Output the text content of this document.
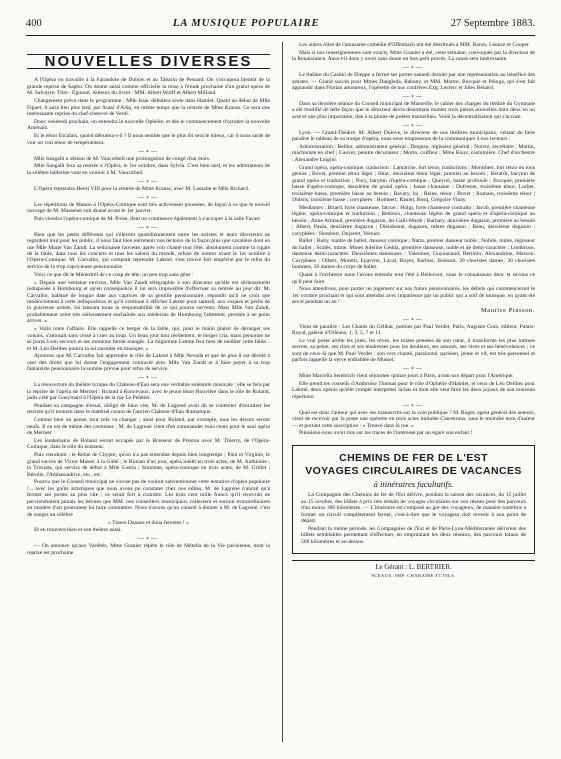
400	LA MUSIQUE POPULAIRE	27 Septembre 1883.
NOUVELLES DIVERSES

A l'Opéra on travaille à la Farandole de Dubois et au Tabarin de Pessard. On s'occupera bientôt de la grande reprise de Sapho. On donne aussi comme officielle la mise à l'étude prochaine d'un grand opéra de M. Salvayre. Titre : Egmont. Auteurs du livret : MM. Albert Wolff et Albert Millaud.

Changement prévu dans le programme : Mlle Isaac débutera seule dans Hamlet. Quant au début de Mlle Figuet, il aura lieu plus tard, par Aussi d'Aïda, en même temps que la rentrée de Mme Krauss. Ce sera une intéressante reprise du chef-d'œuvre de Verdi.

Donc vendredi prochain, on entendra la nouvelle Ophélie, et dès le commencement d'octobre la nouvelle Aménaïs.

Et le ténor Escalaïs, quand débutera-t-il ? Il nous semble que le plus tôt sera le mieux, car il nous tarde de voir un vrai ténor de tempérament.

—∘—

Mlle Sangalli a obtenu de M. Vaucorbeil une prolongation de congé d'un mois.

Mlle Sangalli fera sa rentrée à l'Opéra, le 1er octobre, dans Sylvia. C'est bien tard, et les admirateurs de la célèbre ballerine vont en vouloir à M. Vaucorbeil.

—∘—

L'Opéra reprendra Henri VIII pour la rentrée de Mme Krauss, avec M. Lassalle et Mlle Richard.

—∘—

Les répétitions de Manon à l'Opéra-Comique sont très activement poussées, de façon à ce que le nouvel ouvrage de M. Massenet soit donné avant le 1er janvier.

Puis viendra l'opéra-comique de M. Poise, dont on commence également à s'occuper à la salle Favart.

—∘—

Bien que les petits différents qui s'élèvent quotidiennement entre les artistes et leurs directeurs ne regardent tout pour les public, il nous faut bien entretenir nos lecteurs de la façon plus que cavalière dont en use Mlle Marie Van Zandt. La séduisante fauvette, après voir chanté tout l'été, absolument comme la cigale de la fable, dans tous les concerts et tous les salons du monde, refuse de rentrer avant le 1er octobre à l'Opéra-Comique. M. Carvalho, qui comptait reprendre Lakmé, s'est trouvé fort empêché par le refus du service de la trop capricieuse pensionnaire.

Voici ce que dit le Ménestrel de ce coup de tête, un peu trop sans gêne :

« Depuis une semaine environ, Mlle Van Zandt télégraphie à son directeur qu'elle est sérieusement indisposée à Hombourg et qu'en conséquence il lui sera impossible d'effectuer sa rentrée au jour dit. M. Carvalho, habitué de longue date aux caprices de sa gentille pensionnaire, répondit qu'il ne croit que médiocrement à cette indisposition et qu'il continue à afficher Lakmé pour samedi, aux risques et périls de la gracieuse artiste, lui laissant toute la responsabilité de ce qui pourra survenir. Mais Mlle Van Zandt, probablement ceint très sérieusement enchaînée aux médecins de Hombourg l'attestent, persiste à ne point arriver. »

« Voilà toute l'affaire. Elle rappelle ce berger de la fable, qui, pour le malin plaisir de déranger ses voisins, s'amusait sans cesse à crier au loup. Un beau jour tout réellement, le berger cria, mais personne ne se porta à son secours et ses moutons furent mangés. La mignonne Lakmé fera bien de méditer cette fable... et M. Léo Delibes pourra la lui raconter en musique. »

Ajoutons que M. Carvalho fait apprendre le rôle de Lakmé à Mlle Nevada et que de plus il est décidé à user des droits que lui donne l'engagement contracté avec Mlle Van Zandt et à faire payer à sa trop fantaisiste pensionnaire la somme prévue pour refus de service.

—∘—

La réouverture du théâtre lyrique du Château-d'Eau sera une véritable solennité musicale ; elle se fera par la reprise de l'opéra de Mermet : Roland à Roncevaux, avec le jeune ténor Rouvière dans le rôle de Roland, jadis créé par Gueymard à l'Opéra de la rue Le Peletier.

Pendant sa campagne d'essai, obligé de faire vite, M. de Lagrené avait dû se contenter d'encadrer les œuvres qu'il montait dans le matériel connu de l'ancien Château-d'Eau dramatique.

Comme bien on pense, tout cela va changer ; ainsi pour Roland, par exemple, tous les décors seront neufs. Il en est de même des costumes ; M. de Lagrené vient d'en commander trois cents pour le seul opéra de Mermet.

Les lendemains de Roland seront occupés par le Brasseur de Preston avec M. Thierry, de l'Opéra-Comique, dans le rôle du brasseur.

Puis viendront : le Reine de Chypre, qu'on n'a pas entendue depuis bien longtemps ; Paul et Virginie, le grand succès de Victor Massé, à la Gaîté ; le Roman d'un jour, opéra inédit en trois actes, de M. Authiome ; la Traviata, qui servira de début à Mlle Costia ; Simonne, opéra-comique en trois actes, de M. Grillet ; Bérolie, l'Ambassadrice, etc., etc.

Pourvu que le Conseil municipal ne s'avise pas de vouloir subventionner cette tentative d'opéra populaire !... avec les goûts artistiques que nous avons pu constater chez nos édiles, M. de Lagrené n'aurait qu'à fermer ses portes au plus vite ; ce serait fort à craindre. Les trois cent mille francs qu'il recevrait ne parviendraient jamais les bévues que MM. nos conseillers municipaux collectent et surtout extraordinaires en matière d'art pourraient lui faire commettre. Nous n'avons qu'un conseil à donner à M. de Lagrené, c'est de songer au célèbre

« Timeo Danaos et dona ferentes ! »

Et en trouvera bien et son théâtre aussi.

—∘—

— On annonce qu'aux Variétés, Mme Granier répète le rôle de Métella de la Vie parisienne, dont la reprise est prochaine

Les autres rôles de l'amusante comédie d'Offenbach ont été distribués à MM. Baron, Léonce et Cooper.

Mais si nos renseignements sont exacts, Mme Granier a été, cette semaine, convoquée par la direction de la Renaissance. Aura-t-il donc y avoir sans doute un bon petit procès. La cause sera intéressante.

—∘—

Le théâtre du Casino de Dieppe a fermé ses portes samedi dernier par une représentation au bénéfice des artistes. — Grand succès pour Mmes Dangleda, Rabany, et MM. Martre, Bocquié et Péloga, qui s'est fait applaudir dans Florian amoureux, l'opérette de nos confrères Ezg. Leclerc et Jules Bénard.

—∘—

Dans sa dernière séance du Conseil municipal de Marseille, le cahier des charges du théâtre du Gymnase a été modifié de telle façon que le directeur devra désormais monter trois pièces nouvelles dont deux en un acte et une plus importante, due à la plume de poètes marseillais. Voilà la décentralisation qui s'accuse.

—∘—

Lyon. — Grand-Théâtre. M. Albert Dulove, le directeur de nos théâtres municipaux, venant de faire paraître le tableau de sa troupe d'opéra, nous nous empressons de la communiquer à nos lecteurs :

Administration : Bellier, administrateur général ; Desjeau, régisseur général ; Noirez, secrétaire ; Martin, machiniste en chef ; Gauvet, peintre décorateur ; Morin, coiffeur ; Mme Roux, costumière. Chef d'orchestre : Alexandre Luigini.

Grand opéra, opéra-comique, traduction : Lamarche, fort ténor, traductions ; Montibert, fort ténor en tous genres ; Bovet, premier ténor léger ; Idrac, deuxième ténor léger, premier au besoin ; Bérardi, baryton de grand opéra et traduction ; Nury, baryton d'opéra-comique ; Queyrel, basse profonde ; Bocquié, première basse d'opéra-comique, deuxième de grand opéra ; basse chantante ; Dufresne, troisième ténor, Lorbet, troisième basse, première basse au besoin ; Bavary, lai ; Reine, ténor ; Bovet ; Romain, troisième ténor ; Dubois, troisième basse ; coryphées : Hombert, Ramel, Bosq, Grégoire Vinay.

Mesdames : Briard, forte chanteuse, falcon ; Holgi, forte chanteuse contralto ; Jacob, première chanteuse légère, opéra-comique et traduction ; Redouix, chanteuse légère de grand opéra et d'opéra-comique au besoin ; Anne Armand, première dugazon, les Galli-Marié ; Barbary, deuxième dugazon, première au besoin ; Albert, Paula, deuxième dugazon ; Dieudonné, dugazon, mères dugazon ; Beau, deuxième dugazon ; coryphées : Hombert, Dujarret, Vernier.

Ballet : Ruby, maître de ballet, danseur comique ; Natta, premier danseur noble ; Nobile, mime, régisseur du ballet ; Scalès, mime. Mmes Adeline Gédda, première danseuse, noble et de demi-caractère ; Lombroso, danseuse demi-caractère. Deuxièmes danseuses : Valentine, Guyonnaud, Bertolin, Alexandrine, Masson. Coryphées : Olbert, Moretti, Eparvier, Laval, Boyer, Barbier, Boisson. 30 choristes dames, 30 choristes hommes, 26 dames du corps de ballet.

Quant à l'orchestre nous l'avons entendu tout l'été à Bellecour, nous le connaissons donc et savons ce qu'il peut faire.

Nous attendrons, pour porter un jugement sur nos futurs pensionnaires, les débuts qui commenceront le 1er octobre prochain et qui sont attendus avec impatience par un public qui a soif de musique, en ayant été sevré pendant un an !

Maurice Pinsson.

—∘—

Vient de paraître : Les Chants du Célibat, poésies par Paul Verdet, Paris, Auguste Goin, éditeur, Palais-Royal, galerie d'Orléans, 1, 3, 5, 7 et 11.

Le vrai poète arrête les joies, les rêves, les tristes pensées de son cœur, il transforme les plus intimes secrets, sa peine, ses rires et ses tendresses pour les douleurs, ses amours, ses vices et ses bénévolences ; ce sont de ceux-là que M. Paul Verdet ; son vers chanté, passionné, parisien, jeune et vif, est très personnel et parfois rappelle la verve endiablée de Musset.

—∘—

Mme Marcella Sembrich vient séjourner quinze jours à Paris, avant son départ pour l'Amérique.

Elle prend les conseils d'Ambroise Thomas pour le rôle d'Ophélie d'Hamlet, et ceux de Léo Delibes pour Lakmé, deux opéras qu'elle compte interpréter là-bas et dont elle veut faire les deux joyaux de son nouveau répertoire.

—∘—

Quel est donc l'auteur qui avec ses manuscrits sur la voie publique ? M. Roger, agent général des auteurs, vient de recevoir par la poste une opérette en trois actes intitulée Canestruso, sans le moindre nom d'auteur — et portant cette suscription : « Trouvé dans la rue. »

Puissions-nous avoir mis sur les traces de l'intéressé par un égaré son enfant !

CHEMINS DE FER DE L'EST
VOYAGES CIRCULAIRES DE VACANCES
à itinéraires facultatifs.

La Compagnie des Chemins de fer de l'Est délivre, pendant la saison des vacances, du 15 juillet au 15 octobre, des billets à prix très réduits de voyages circulaires sur son réseau pour des parcours d'au moins 300 kilomètres. — L'itinéraire est composé au gré des voyageurs, de manière toutefois à former un circuit complètement fermé, c'est-à-dire que le voyageur doit revenir à son point de départ.

Pendant la même période, les Compagnies de l'Est et de Paris-Lyon-Méditerranée délivrent des billets semblables permettant d'effectuer, en empruntant les deux réseaux, des parcours totaux de 500 kilomètres et au-dessus.

Le Gérant : L. BERTRIER.
SCEAUX. IMP. CHARAIRE ET FILS.
